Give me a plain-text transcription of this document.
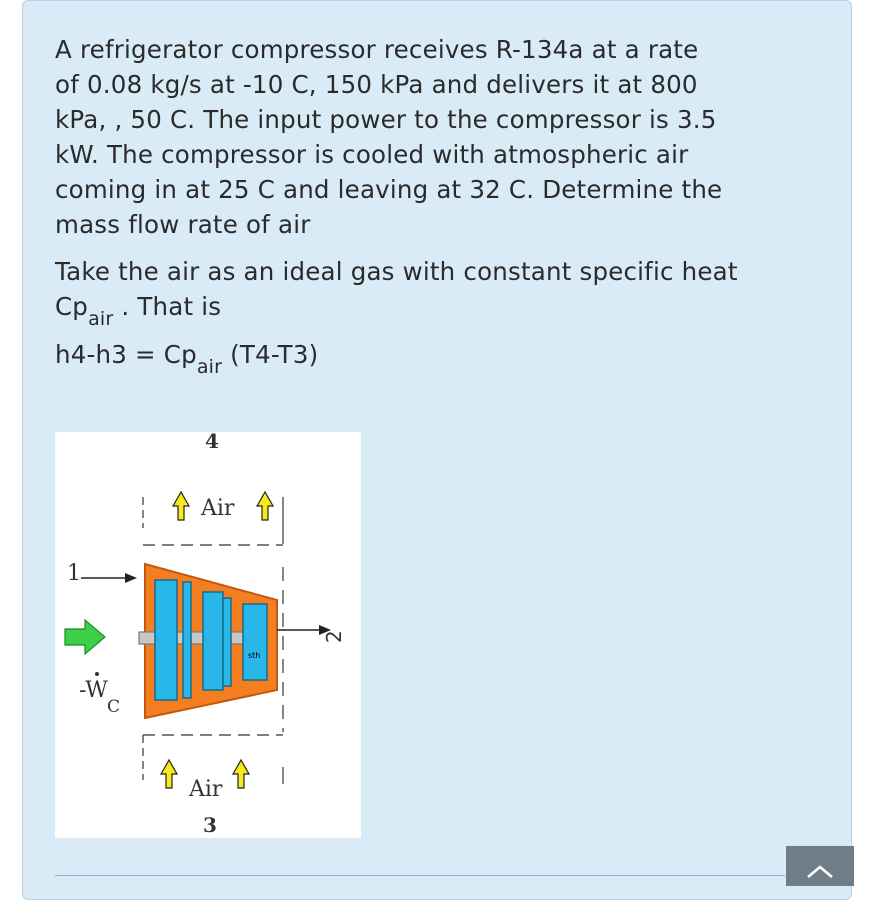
A refrigerator compressor receives R-134a at a rate
of 0.08 kg/s at -10 C, 150 kPa and delivers it at 800
kPa, , 50 C. The input power to the compressor is 3.5
kW. The compressor is cooled with atmospheric air
coming in at 25 C and leaving at 32 C. Determine the
mass flow rate of air

Take the air as an ideal gas with constant specific heat
$Cp_{air}$ . That is

$h4-h3 = Cp_{air}$ (T4-T3)

sth
4
Air
1
-W
C
Air
3
2
